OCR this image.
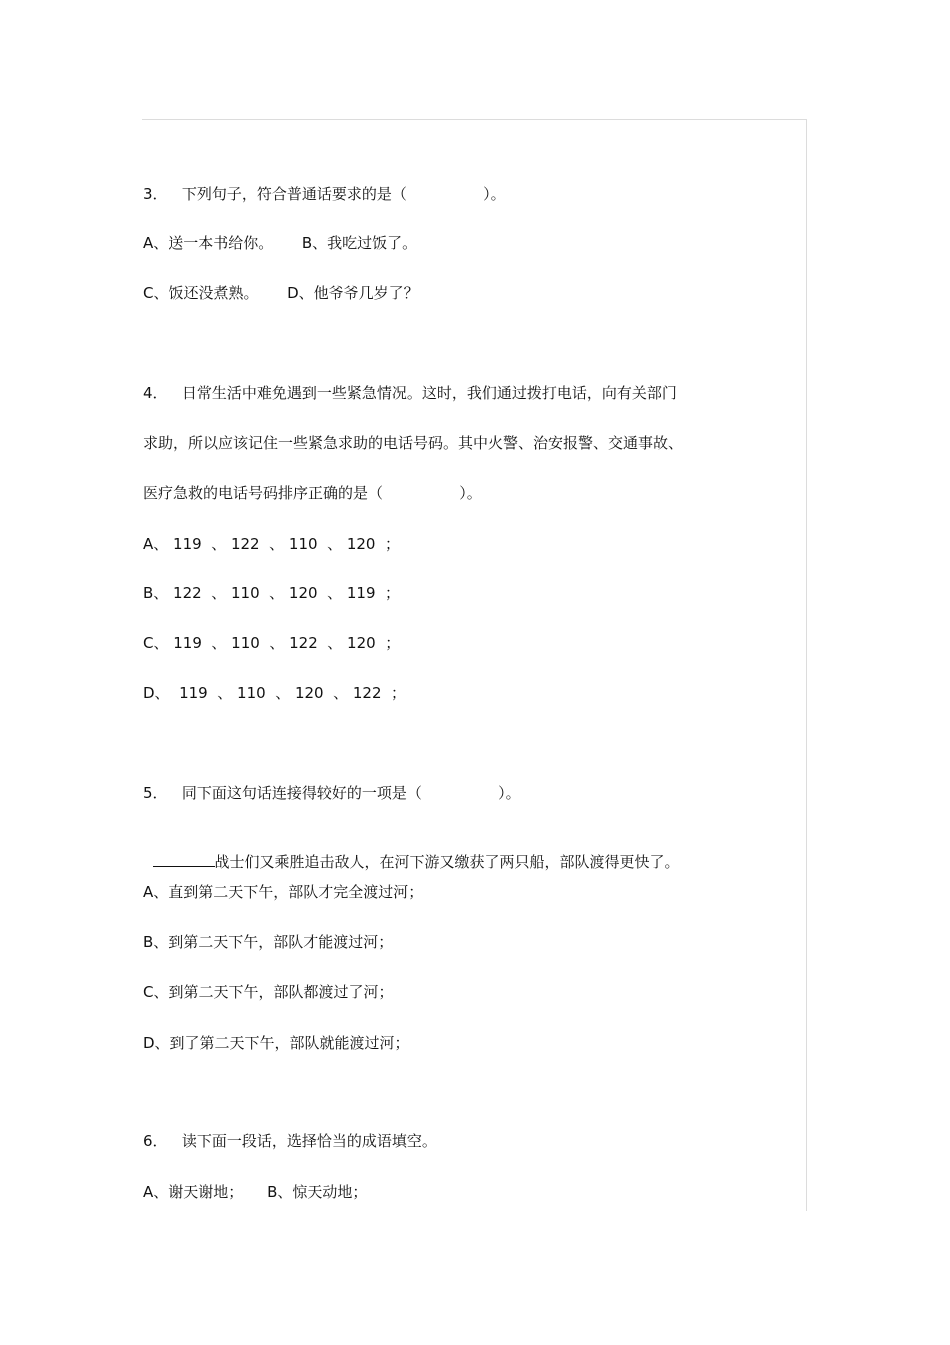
3．   下列句子，符合普通话要求的是（                ）。
A、送一本书给你。      B、我吃过饭了。
C、饭还没煮熟。      D、他爷爷几岁了？
4．   日常生活中难免遇到一些紧急情况。这时，我们通过拨打电话，向有关部门
求助，所以应该记住一些紧急求助的电话号码。其中火警、治安报警、交通事故、
医疗急救的电话号码排序正确的是（                ）。
A、 119  、 122  、 110  、 120  ；
B、 122  、 110  、 120  、 119  ；
C、 119  、 110  、 122  、 120  ；
D、  119  、 110  、 120  、 122  ；
5．   同下面这句话连接得较好的一项是（                ）。

战士们又乘胜追击敌人，在河下游又缴获了两只船，部队渡得更快了。

A、直到第二天下午，部队才完全渡过河；
B、到第二天下午，部队才能渡过河；
C、到第二天下午，部队都渡过了河；
D、到了第二天下午，部队就能渡过河；
6．   读下面一段话，选择恰当的成语填空。
A、谢天谢地；     B、惊天动地；
